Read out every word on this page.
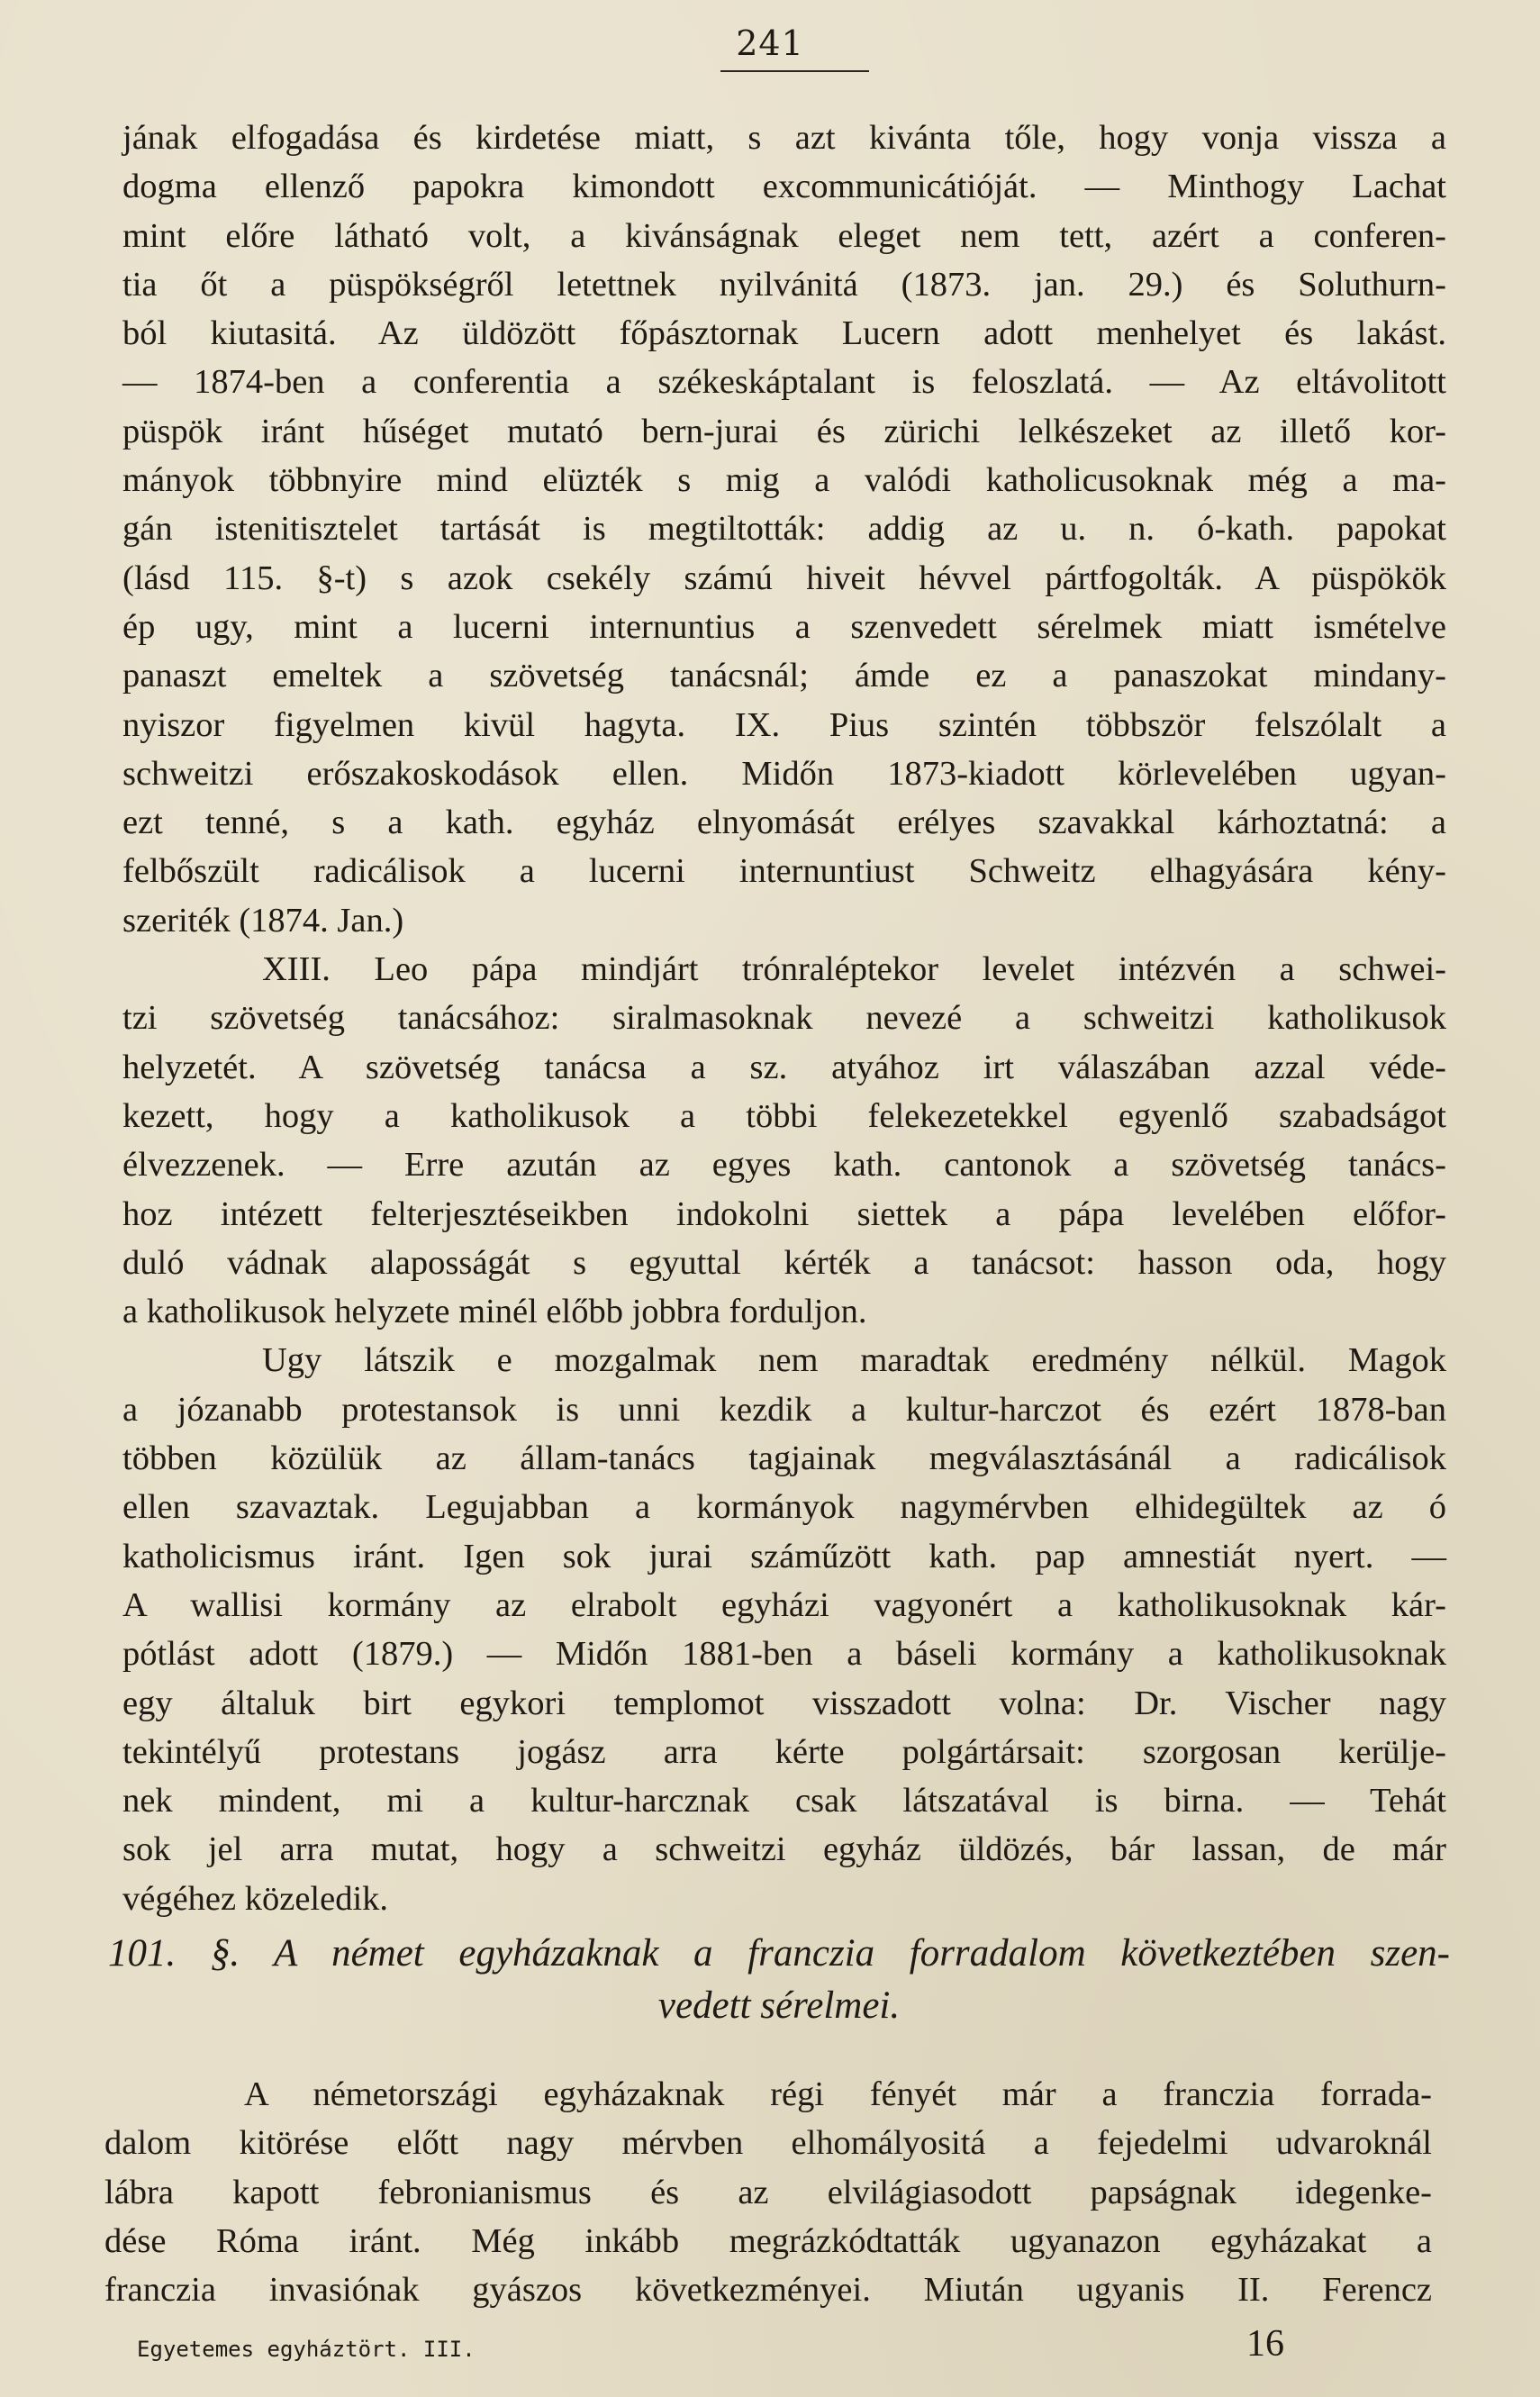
241
jának elfogadása és kirdetése miatt, s azt kivánta tőle, hogy vonja vissza a
dogma ellenző papokra kimondott excommunicátióját. — Minthogy Lachat
mint előre látható volt, a kivánságnak eleget nem tett, azért a conferen-
tia őt a püspökségről letettnek nyilvánitá (1873. jan. 29.) és Soluthurn-
ból kiutasitá. Az üldözött főpásztornak Lucern adott menhelyet és lakást.
— 1874-ben a conferentia a székeskáptalant is feloszlatá. — Az eltávolitott
püspök iránt hűséget mutató bern-jurai és zürichi lelkészeket az illető kor-
mányok többnyire mind elüzték s mig a valódi katholicusoknak még a ma-
gán istenitisztelet tartását is megtiltották: addig az u. n. ó-kath. papokat
(lásd 115. §-t) s azok csekély számú hiveit hévvel pártfogolták. A püspökök
ép ugy, mint a lucerni internuntius a szenvedett sérelmek miatt ismételve
panaszt emeltek a szövetség tanácsnál; ámde ez a panaszokat mindany-
nyiszor figyelmen kivül hagyta. IX. Pius szintén többször felszólalt a
schweitzi erőszakoskodások ellen. Midőn 1873-kiadott körlevelében ugyan-
ezt tenné, s a kath. egyház elnyomását erélyes szavakkal kárhoztatná: a
felbőszült radicálisok a lucerni internuntiust Schweitz elhagyására kény-
szeriték (1874. Jan.)
XIII. Leo pápa mindjárt trónraléptekor levelet intézvén a schwei-
tzi szövetség tanácsához: siralmasoknak nevezé a schweitzi katholikusok
helyzetét. A szövetség tanácsa a sz. atyához irt válaszában azzal véde-
kezett, hogy a katholikusok a többi felekezetekkel egyenlő szabadságot
élvezzenek. — Erre azután az egyes kath. cantonok a szövetség tanács-
hoz intézett felterjesztéseikben indokolni siettek a pápa levelében előfor-
duló vádnak alaposságát s egyuttal kérték a tanácsot: hasson oda, hogy
a katholikusok helyzete minél előbb jobbra forduljon.
Ugy látszik e mozgalmak nem maradtak eredmény nélkül. Magok
a józanabb protestansok is unni kezdik a kultur-harczot és ezért 1878-ban
többen közülük az állam-tanács tagjainak megválasztásánál a radicálisok
ellen szavaztak. Legujabban a kormányok nagymérvben elhidegültek az ó
katholicismus iránt. Igen sok jurai száműzött kath. pap amnestiát nyert. —
A wallisi kormány az elrabolt egyházi vagyonért a katholikusoknak kár-
pótlást adott (1879.) — Midőn 1881-ben a báseli kormány a katholikusoknak
egy általuk birt egykori templomot visszadott volna: Dr. Vischer nagy
tekintélyű protestans jogász arra kérte polgártársait: szorgosan kerülje-
nek mindent, mi a kultur-harcznak csak látszatával is birna. — Tehát
sok jel arra mutat, hogy a schweitzi egyház üldözés, bár lassan, de már
végéhez közeledik.
101. §. A német egyházaknak a franczia forradalom következtében szen-
vedett sérelmei.
A németországi egyházaknak régi fényét már a franczia forrada-
dalom kitörése előtt nagy mérvben elhomályositá a fejedelmi udvaroknál
lábra kapott febronianismus és az elvilágiasodott papságnak idegenke-
dése Róma iránt. Még inkább megrázkódtatták ugyanazon egyházakat a
franczia invasiónak gyászos következményei. Miután ugyanis II. Ferencz
Egyetemes egyháztört. III.	16
